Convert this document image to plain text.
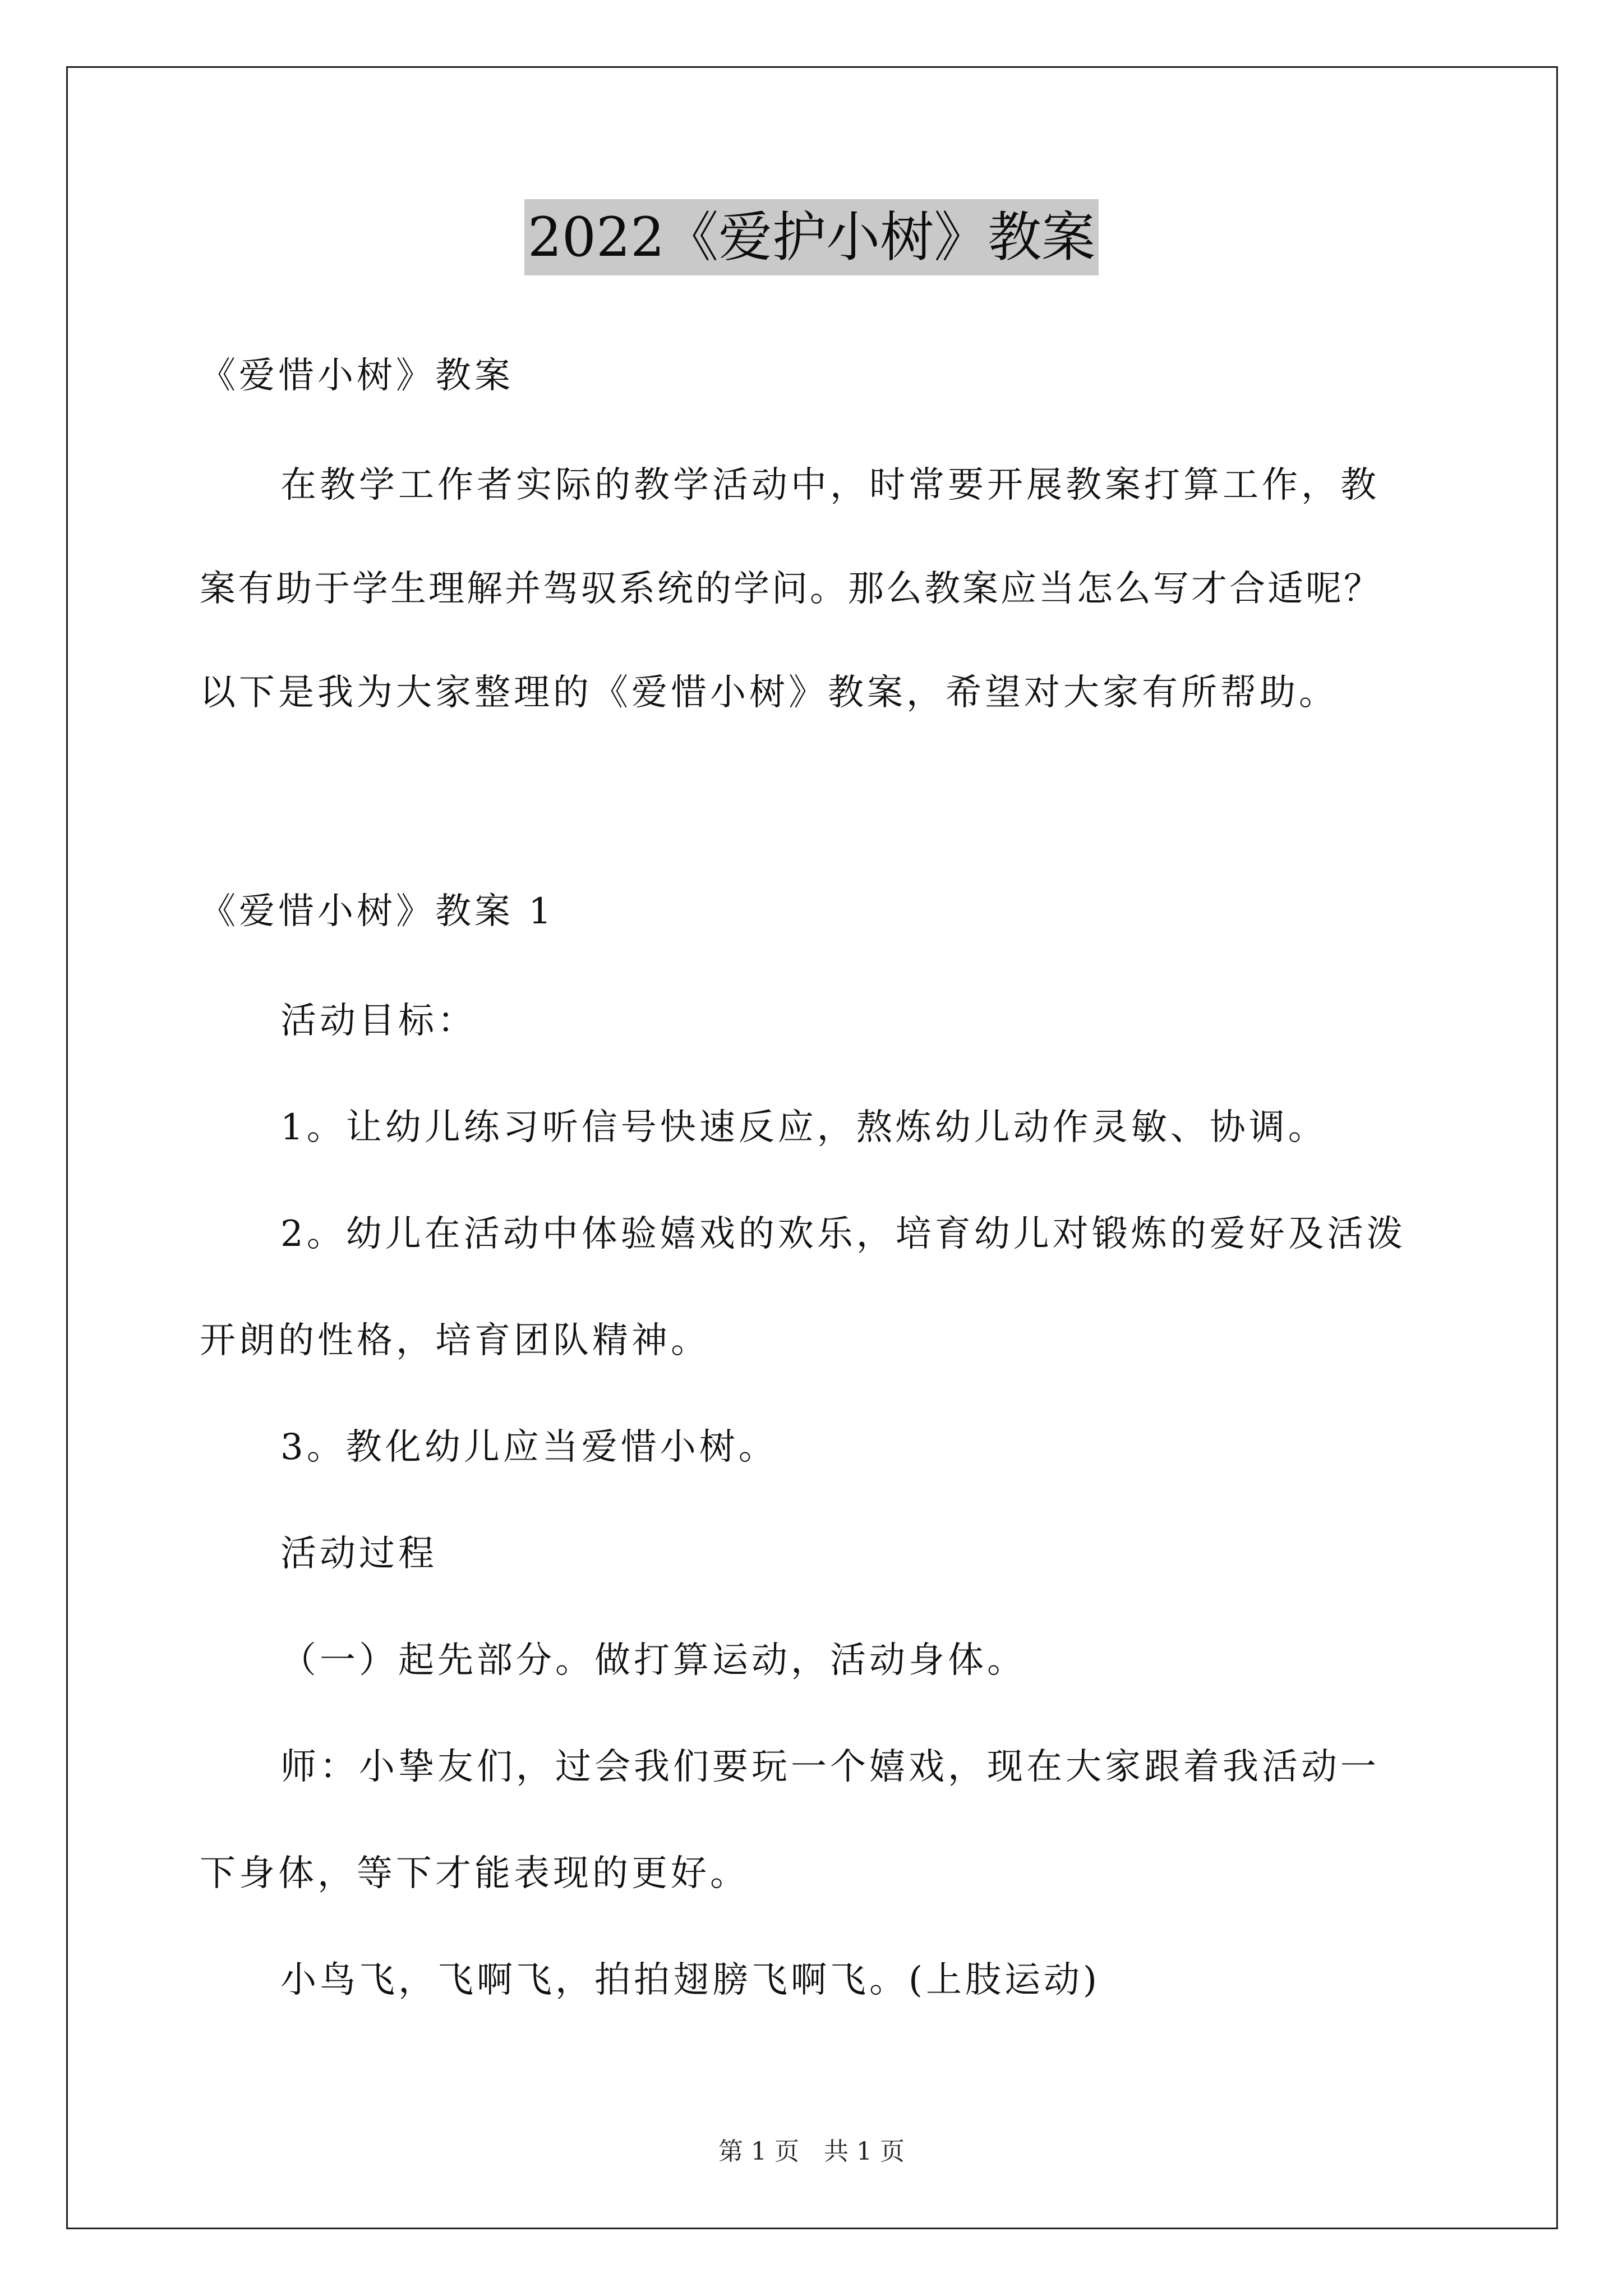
2022《爱护小树》教案
《爱惜小树》教案
在教学工作者实际的教学活动中，时常要开展教案打算工作，教
案有助于学生理解并驾驭系统的学问。那么教案应当怎么写才合适呢？
以下是我为大家整理的《爱惜小树》教案，希望对大家有所帮助。
《爱惜小树》教案 1
活动目标：
1。让幼儿练习听信号快速反应，熬炼幼儿动作灵敏、协调。
2。幼儿在活动中体验嬉戏的欢乐，培育幼儿对锻炼的爱好及活泼
开朗的性格，培育团队精神。
3。教化幼儿应当爱惜小树。
活动过程
（一）起先部分。做打算运动，活动身体。
师：小挚友们，过会我们要玩一个嬉戏，现在大家跟着我活动一
下身体，等下才能表现的更好。
小鸟飞，飞啊飞，拍拍翅膀飞啊飞。(上肢运动)
第 1 页　共 1 页
